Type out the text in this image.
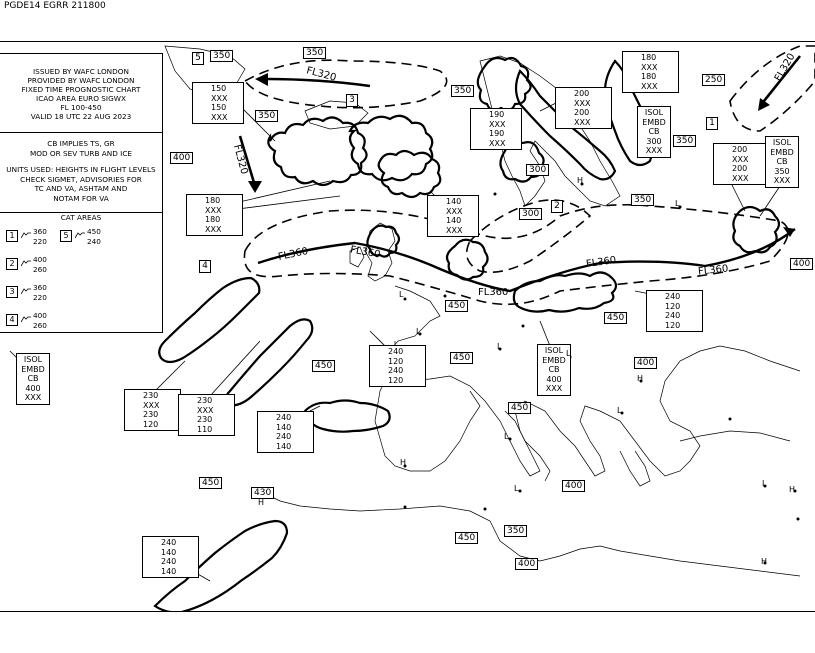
PGDE14 EGRR 211800
ISSUED BY WAFC LONDON
PROVIDED BY WAFC LONDON
FIXED TIME PROGNOSTIC CHART
ICAO AREA EURO SIGWX
FL 100-450
VALID 18 UTC 22 AUG 2023
CB IMPLIES TS, GR
MOD OR SEV TURB AND ICE
UNITS USED: HEIGHTS IN FLIGHT LEVELS
CHECK SIGMET, ADVISORIES FOR
TC AND VA, ASHTAM AND
NOTAM FOR VA
CAT AREAS
1	360
220
5	450
240
2	400
260
3	360
220
4	400
260
350	350
350
250
350
400
300
300
350
350
400
450
450
450
450	400
450
430
450	400
350
450
400
5
3
1
2
4
FL320
FL320
FL320
FL360	FL360
FL360
FL360
FL360
150
XXX
150
XXX
180
XXX
180
XXX
190
XXX
190
XXX
140
XXX
140
XXX
200
XXX
200
XXX
180
XXX
180
XXX
200
XXX
200
XXX
240
120
240
120
240
120
240
120
230
XXX
230
120
230
XXX
230
110
240
140
240
140
240
140
240
140
ISOL
EMBD
CB
300
XXX
ISOL
EMBD
CB
350
XXX
ISOL
EMBD
CB
400
XXX
ISOL
EMBD
CB
400
XXX
L
H
L
L
L
L
H
L
H
L
H
L
H
L
H
